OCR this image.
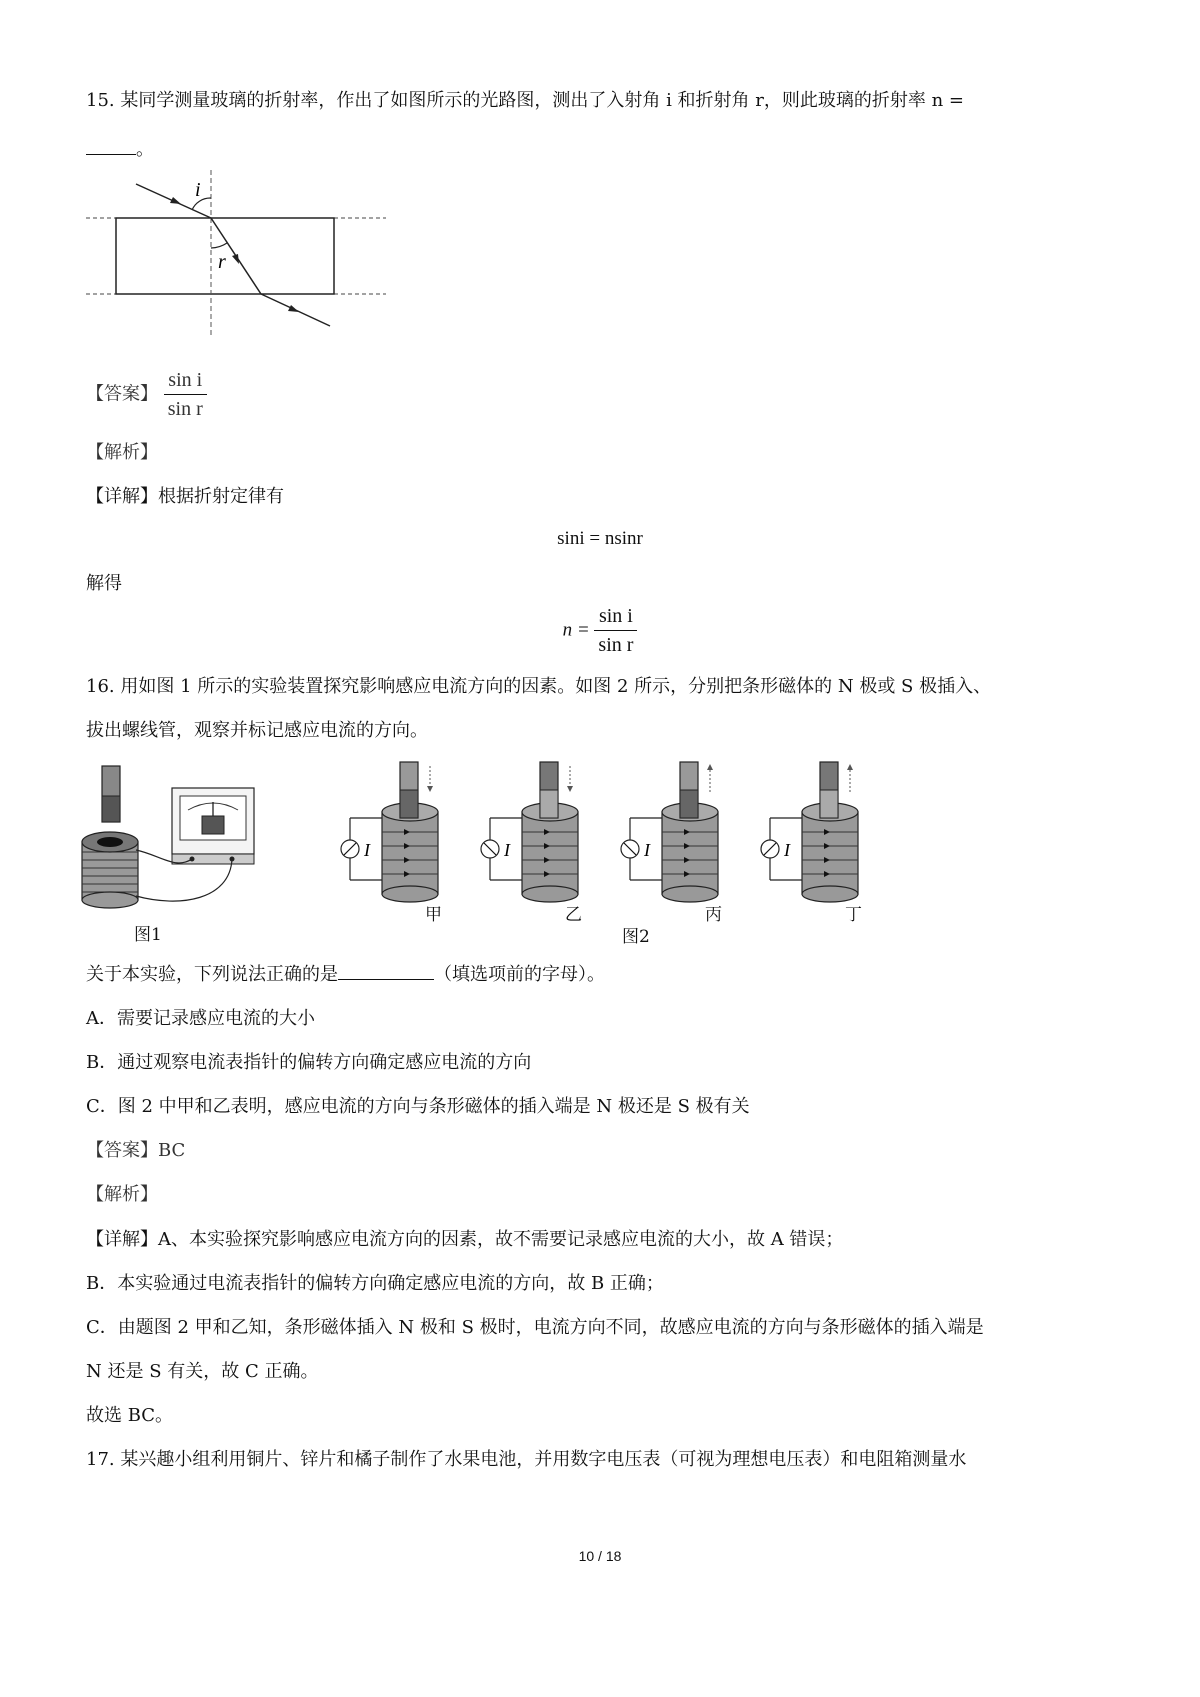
15. 某同学测量玻璃的折射率，作出了如图所示的光路图，测出了入射角 i 和折射角 r，则此玻璃的折射率 n =
。
i
r
【答案】 $\frac{\text{sin i}}{\text{sin r}}$
【解析】
【详解】根据折射定律有
sini = nsinr
解得
$n = \frac{\text{sin i}}{\text{sin r}}$
16. 用如图 1 所示的实验装置探究影响感应电流方向的因素。如图 2 所示，分别把条形磁体的 N 极或 S 极插入、
拔出螺线管，观察并标记感应电流的方向。
图1
I	I	I	I
甲	乙	丙	丁
图2
关于本实验，下列说法正确的是	（填选项前的字母）。
A．需要记录感应电流的大小
B．通过观察电流表指针的偏转方向确定感应电流的方向
C．图 2 中甲和乙表明，感应电流的方向与条形磁体的插入端是 N 极还是 S 极有关
【答案】BC
【解析】
【详解】A、本实验探究影响感应电流方向的因素，故不需要记录感应电流的大小，故 A 错误；
B．本实验通过电流表指针的偏转方向确定感应电流的方向，故 B 正确；
C．由题图 2 甲和乙知，条形磁体插入 N 极和 S 极时，电流方向不同，故感应电流的方向与条形磁体的插入端是
N 还是 S 有关，故 C 正确。
故选 BC。
17. 某兴趣小组利用铜片、锌片和橘子制作了水果电池，并用数字电压表（可视为理想电压表）和电阻箱测量水
10 / 18
